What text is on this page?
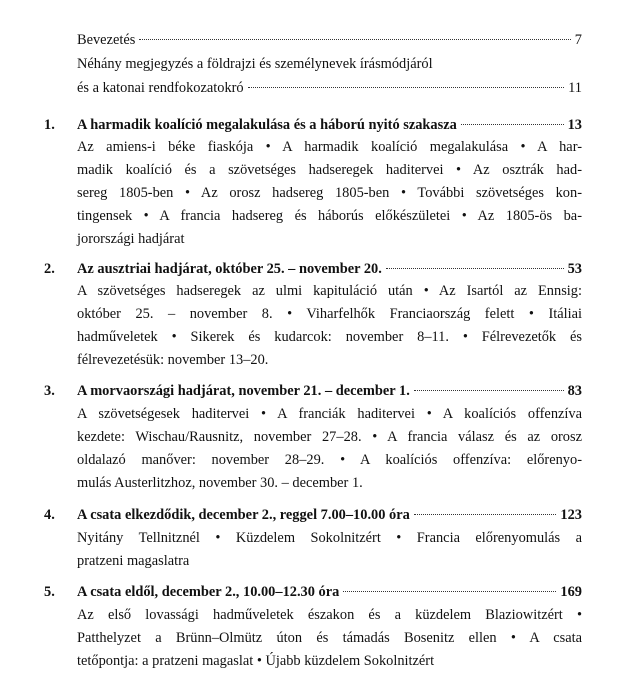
Bevezetés	7
Néhány megjegyzés a földrajzi és személynevek írásmódjáról
és a katonai rendfokozatokró	11
1.	A harmadik koalíció megalakulása és a háború nyitó szakasza	13
Az amiens-i béke fiaskója • A harmadik koalíció megalakulása • A har-
madik koalíció és a szövetséges hadseregek haditervei • Az osztrák had-
sereg 1805-ben • Az orosz hadsereg 1805-ben • További szövetséges kon-
tingensek • A francia hadsereg és háborús előkészületei • Az 1805-ös ba-
jorországi hadjárat
2.	Az ausztriai hadjárat, október 25. – november 20.	53
A szövetséges hadseregek az ulmi kapituláció után • Az Isartól az Ennsig:
október 25. – november 8. • Viharfelhők Franciaország felett • Itáliai
hadműveletek • Sikerek és kudarcok: november 8–11. • Félrevezetők és
félrevezetésük: november 13–20.
3.	A morvaországi hadjárat, november 21. – december 1.	83
A szövetségesek haditervei • A franciák haditervei • A koalíciós offenzíva
kezdete: Wischau/Rausnitz, november 27–28. • A francia válasz és az orosz
oldalazó manőver: november 28–29. • A koalíciós offenzíva: előrenyo-
mulás Austerlitzhoz, november 30. – december 1.
4.	A csata elkezdődik, december 2., reggel 7.00–10.00 óra	123
Nyitány Tellnitznél • Küzdelem Sokolnitzért • Francia előrenyomulás a
pratzeni magaslatra
5.	A csata eldől, december 2., 10.00–12.30 óra	169
Az első lovassági hadműveletek északon és a küzdelem Blaziowitzért •
Patthelyzet a Brünn–Olmütz úton és támadás Bosenitz ellen • A csata
tetőpontja: a pratzeni magaslat • Újabb küzdelem Sokolnitzért
